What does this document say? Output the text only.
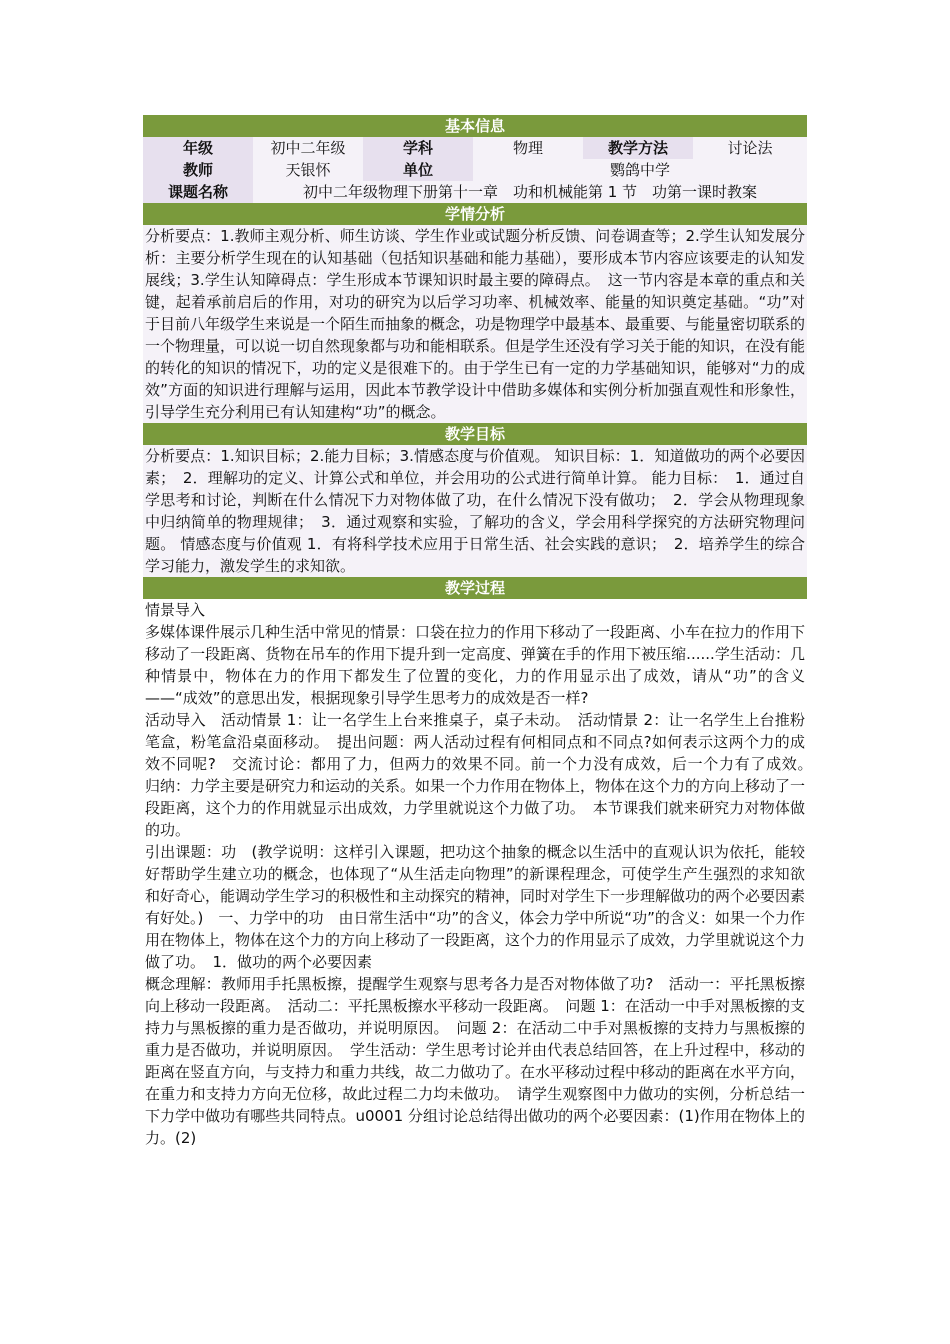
基本信息
年级	初中二年级	学科	物理	教学方法	讨论法
教师	天银怀	单位	鹦鸽中学
课题名称	初中二年级物理下册第十一章　功和机械能第 1 节　功第一课时教案
学情分析

分析要点：1.教师主观分析、师生访谈、学生作业或试题分析反馈、问卷调查等；2.学生认知发展分析：主要分析学生现在的认知基础（包括知识基础和能力基础），要形成本节内容应该要走的认知发展线；3.学生认知障碍点：学生形成本节课知识时最主要的障碍点。　这一节内容是本章的重点和关键，起着承前启后的作用，对功的研究为以后学习功率、机械效率、能量的知识奠定基础。“功”对于目前八年级学生来说是一个陌生而抽象的概念，功是物理学中最基本、最重要、与能量密切联系的一个物理量，可以说一切自然现象都与功和能相联系。但是学生还没有学习关于能的知识，在没有能的转化的知识的情况下，功的定义是很难下的。由于学生已有一定的力学基础知识，能够对“力的成效”方面的知识进行理解与运用，因此本节教学设计中借助多媒体和实例分析加强直观性和形象性，引导学生充分利用已有认知建构“功”的概念。

教学目标

分析要点：1.知识目标；2.能力目标；3.情感态度与价值观。 知识目标：1．知道做功的两个必要因素；　2．理解功的定义、计算公式和单位，并会用功的公式进行简单计算。 能力目标：　1．通过自学思考和讨论，判断在什么情况下力对物体做了功，在什么情况下没有做功；　2．学会从物理现象中归纳简单的物理规律；　3．通过观察和实验，了解功的含义，学会用科学探究的方法研究物理问题。 情感态度与价值观 1．有将科学技术应用于日常生活、社会实践的意识；　2．培养学生的综合学习能力，激发学生的求知欲。

教学过程

情景导入

多媒体课件展示几种生活中常见的情景：口袋在拉力的作用下移动了一段距离、小车在拉力的作用下移动了一段距离、货物在吊车的作用下提升到一定高度、弹簧在手的作用下被压缩......学生活动：几种情景中，物体在力的作用下都发生了位置的变化，力的作用显示出了成效，请从“功”的含义——“成效”的意思出发，根据现象引导学生思考力的成效是否一样?

活动导入　活动情景 1：让一名学生上台来推桌子，桌子未动。　活动情景 2：让一名学生上台推粉笔盒，粉笔盒沿桌面移动。　提出问题：两人活动过程有何相同点和不同点?如何表示这两个力的成效不同呢?　交流讨论：都用了力，但两力的效果不同。前一个力没有成效，后一个力有了成效。　归纳：力学主要是研究力和运动的关系。如果一个力作用在物体上，物体在这个力的方向上移动了一段距离，这个力的作用就显示出成效，力学里就说这个力做了功。　本节课我们就来研究力对物体做的功。

引出课题：功　(教学说明：这样引入课题，把功这个抽象的概念以生活中的直观认识为依托，能较好帮助学生建立功的概念，也体现了“从生活走向物理”的新课程理念，可使学生产生强烈的求知欲和好奇心，能调动学生学习的积极性和主动探究的精神，同时对学生下一步理解做功的两个必要因素有好处。)　一、力学中的功　由日常生活中“功”的含义，体会力学中所说“功”的含义：如果一个力作用在物体上，物体在这个力的方向上移动了一段距离，这个力的作用显示了成效，力学里就说这个力做了功。　1．做功的两个必要因素

概念理解：教师用手托黑板擦，提醒学生观察与思考各力是否对物体做了功?　活动一：平托黑板擦向上移动一段距离。　活动二：平托黑板擦水平移动一段距离。　问题 1：在活动一中手对黑板擦的支持力与黑板擦的重力是否做功，并说明原因。　问题 2：在活动二中手对黑板擦的支持力与黑板擦的重力是否做功，并说明原因。　学生活动：学生思考讨论并由代表总结回答，在上升过程中，移动的距离在竖直方向，与支持力和重力共线，故二力做功了。在水平移动过程中移动的距离在水平方向，在重力和支持力方向无位移，故此过程二力均未做功。　请学生观察图中力做功的实例，分析总结一下力学中做功有哪些共同特点。u0001 分组讨论总结得出做功的两个必要因素：(1)作用在物体上的力。(2)
